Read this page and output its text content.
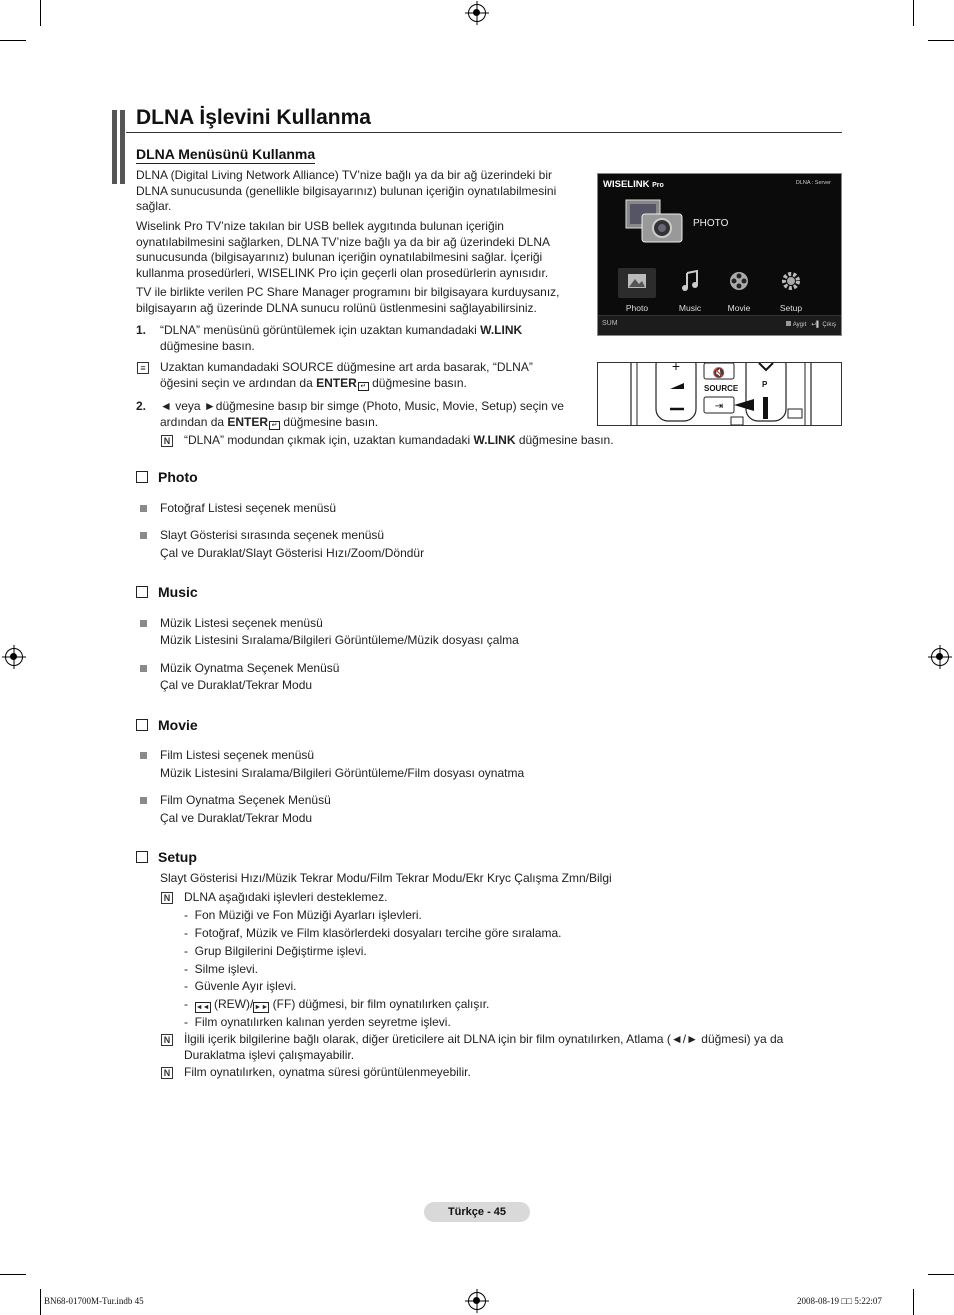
DLNA İşlevini Kullanma
DLNA Menüsünü Kullanma
DLNA (Digital Living Network Alliance) TV’nize bağlı ya da bir ağ üzerindeki bir
DLNA sunucusunda (genellikle bilgisayarınız) bulunan içeriğin oynatılabilmesini
sağlar.
Wiselink Pro TV’nize takılan bir USB bellek aygıtında bulunan içeriğin
oynatılabilmesini sağlarken, DLNA TV’nize bağlı ya da bir ağ üzerindeki DLNA
sunucusunda (bilgisayarınız) bulunan içeriğin oynatılabilmesini sağlar. İçeriği
kullanma prosedürleri, WISELINK Pro için geçerli olan prosedürlerin aynısıdır.
TV ile birlikte verilen PC Share Manager programını bir bilgisayara kurduysanız,
bilgisayarın ağ üzerinde DLNA sunucu rolünü üstlenmesini sağlayabilirsiniz.
1. “DLNA” menüsünü görüntülemek için uzaktan kumandadaki W.LINK
düğmesine basın.
≡ Uzaktan kumandadaki SOURCE düğmesine art arda basarak, “DLNA”
öğesini seçin ve ardından da ENTER ↵ düğmesine basın.
2. ◄ veya ►düğmesine basıp bir simge (Photo, Music, Movie, Setup) seçin ve
ardından da ENTER ↵ düğmesine basın.
N “DLNA” modundan çıkmak için, uzaktan kumandadaki W.LINK düğmesine basın.
WISELINK Pro	DLNA : Server
PHOTO
Photo	Music	Movie	Setup
SUM	Aygıt ↩▌ Çıkış
+	🔇
⇥
SOURCE	P
Photo
Fotoğraf Listesi seçenek menüsü
Slayt Gösterisi sırasında seçenek menüsü
Çal ve Duraklat/Slayt Gösterisi Hızı/Zoom/Döndür
Music
Müzik Listesi seçenek menüsü
Müzik Listesini Sıralama/Bilgileri Görüntüleme/Müzik dosyası çalma
Müzik Oynatma Seçenek Menüsü
Çal ve Duraklat/Tekrar Modu
Movie
Film Listesi seçenek menüsü
Müzik Listesini Sıralama/Bilgileri Görüntüleme/Film dosyası oynatma
Film Oynatma Seçenek Menüsü
Çal ve Duraklat/Tekrar Modu
Setup
Slayt Gösterisi Hızı/Müzik Tekrar Modu/Film Tekrar Modu/Ekr Kryc Çalışma Zmn/Bilgi
N DLNA aşağıdaki işlevleri desteklemez.
-  Fon Müziği ve Fon Müziği Ayarları işlevleri.
-  Fotoğraf, Müzik ve Film klasörlerdeki dosyaları tercihe göre sıralama.
-  Grup Bilgilerini Değiştirme işlevi.
-  Silme işlevi.
-  Güvenle Ayır işlevi.
-  ◄◄ (REW)/►► (FF) düğmesi, bir film oynatılırken çalışır.
-  Film oynatılırken kalınan yerden seyretme işlevi.
N İlgili içerik bilgilerine bağlı olarak, diğer üreticilere ait DLNA için bir film oynatılırken, Atlama (◄/► düğmesi) ya da
Duraklatma işlevi çalışmayabilir.
N Film oynatılırken, oynatma süresi görüntülenmeyebilir.
Türkçe - 45
BN68-01700M-Tur.indb 45	2008-08-19 □□ 5:22:07
